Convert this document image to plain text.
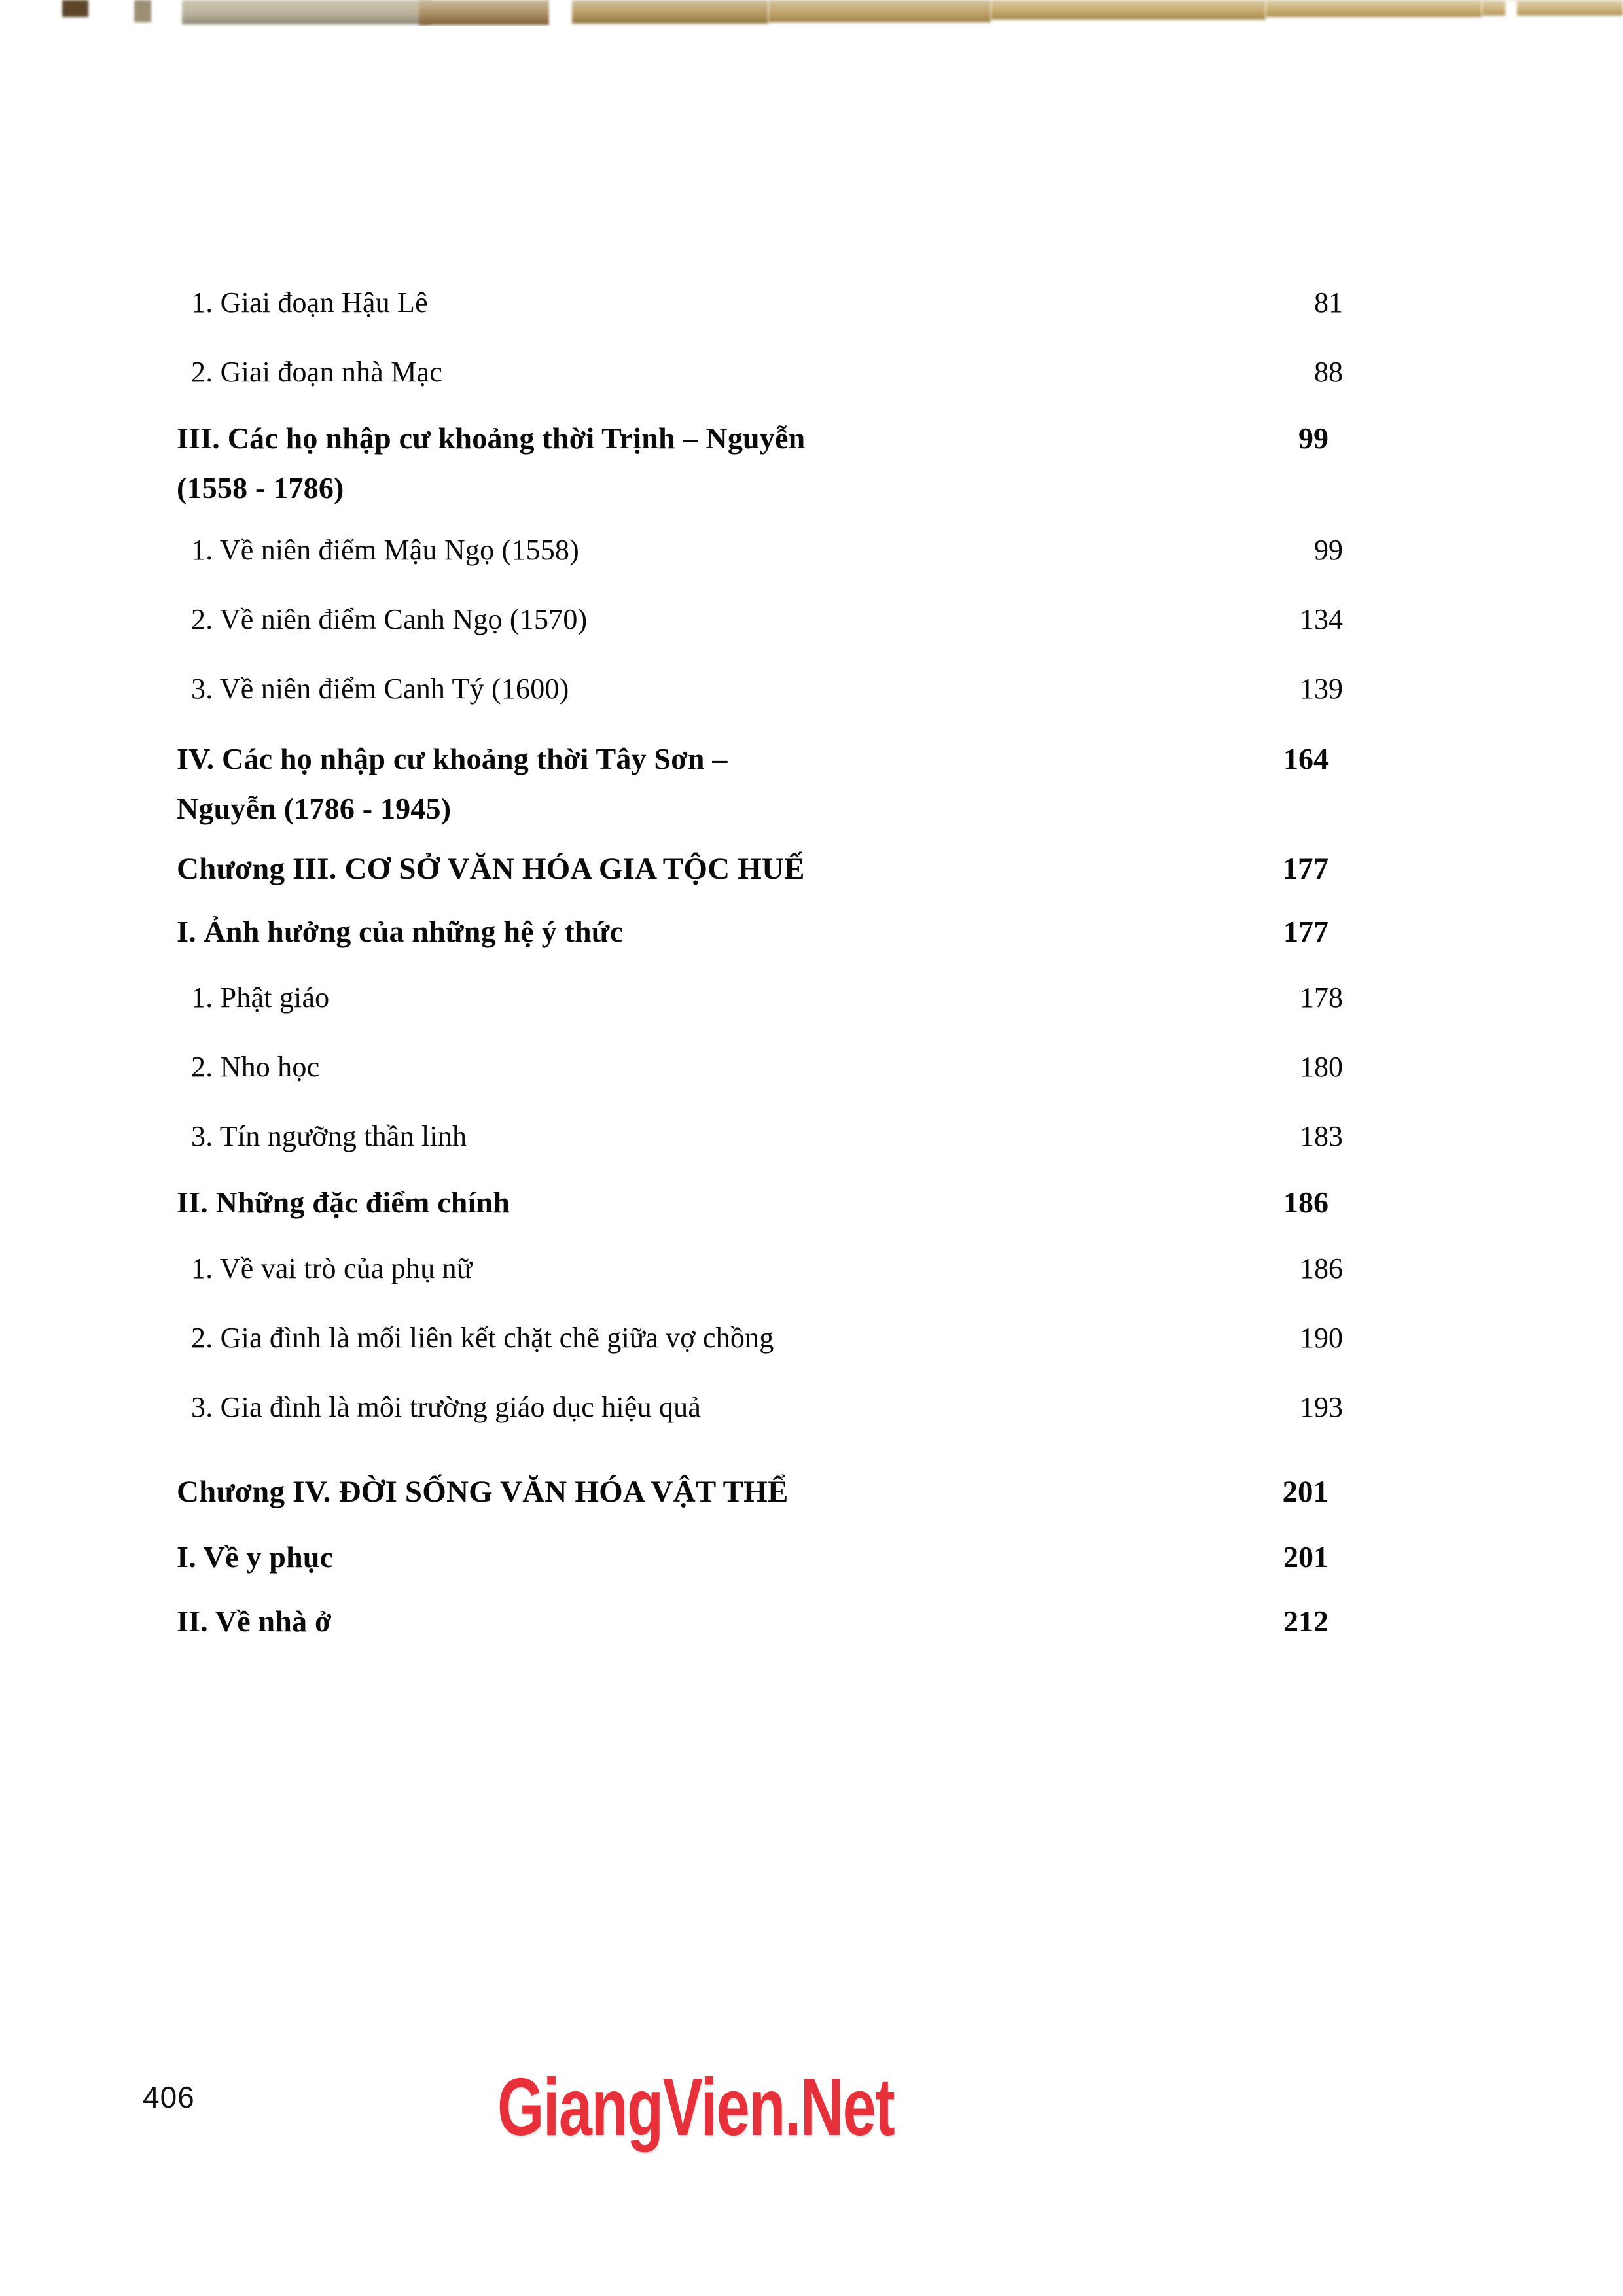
1. Giai đoạn Hậu Lê	81
2. Giai đoạn nhà Mạc	88
III. Các họ nhập cư khoảng thời Trịnh – Nguyễn	99
(1558 - 1786)
1. Về niên điểm Mậu Ngọ (1558)	99
2. Về niên điểm Canh Ngọ (1570)	134
3. Về niên điểm Canh Tý (1600)	139
IV. Các họ nhập cư khoảng thời Tây Sơn –	164
Nguyễn (1786 - 1945)
Chương III. CƠ SỞ VĂN HÓA GIA TỘC HUẾ	177
I. Ảnh hưởng của những hệ ý thức	177
1. Phật giáo	178
2. Nho học	180
3. Tín ngưỡng thần linh	183
II. Những đặc điểm chính	186
1. Về vai trò của phụ nữ	186
2. Gia đình là mối liên kết chặt chẽ giữa vợ chồng	190
3. Gia đình là môi trường giáo dục hiệu quả	193
Chương IV. ĐỜI SỐNG VĂN HÓA VẬT THỂ	201
I. Về y phục	201
II. Về nhà ở	212
406	GiangVien.Net
